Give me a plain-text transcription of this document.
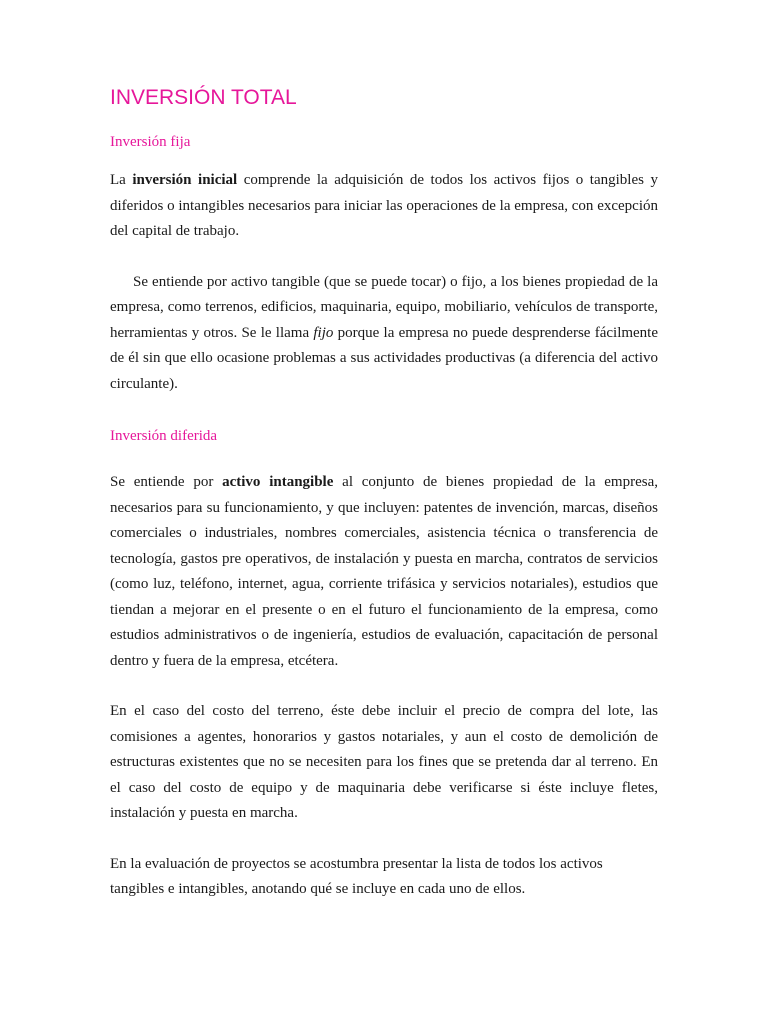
INVERSIÓN TOTAL
Inversión fija

La inversión inicial comprende la adquisición de todos los activos fijos o tangibles y diferidos o intangibles necesarios para iniciar las operaciones de la empresa, con excepción del capital de trabajo.

Se entiende por activo tangible (que se puede tocar) o fijo, a los bienes propiedad de la empresa, como terrenos, edificios, maquinaria, equipo, mobiliario, vehículos de transporte, herramientas y otros. Se le llama fijo porque la empresa no puede desprenderse fácilmente de él sin que ello ocasione problemas a sus actividades productivas (a diferencia del activo circulante).

Inversión diferida

Se entiende por activo intangible al conjunto de bienes propiedad de la empresa, necesarios para su funcionamiento, y que incluyen: patentes de invención, marcas, diseños comerciales o industriales, nombres comerciales, asistencia técnica o transferencia de tecnología, gastos pre operativos, de instalación y puesta en marcha, contratos de servicios (como luz, teléfono, internet, agua, corriente trifásica y servicios notariales), estudios que tiendan a mejorar en el presente o en el futuro el funcionamiento de la empresa, como estudios administrativos o de ingeniería, estudios de evaluación, capacitación de personal dentro y fuera de la empresa, etcétera.

En el caso del costo del terreno, éste debe incluir el precio de compra del lote, las comisiones a agentes, honorarios y gastos notariales, y aun el costo de demolición de estructuras existentes que no se necesiten para los fines que se pretenda dar al terreno. En el caso del costo de equipo y de maquinaria debe verificarse si éste incluye fletes, instalación y puesta en marcha.

En la evaluación de proyectos se acostumbra presentar la lista de todos los activos tangibles e intangibles, anotando qué se incluye en cada uno de ellos.
